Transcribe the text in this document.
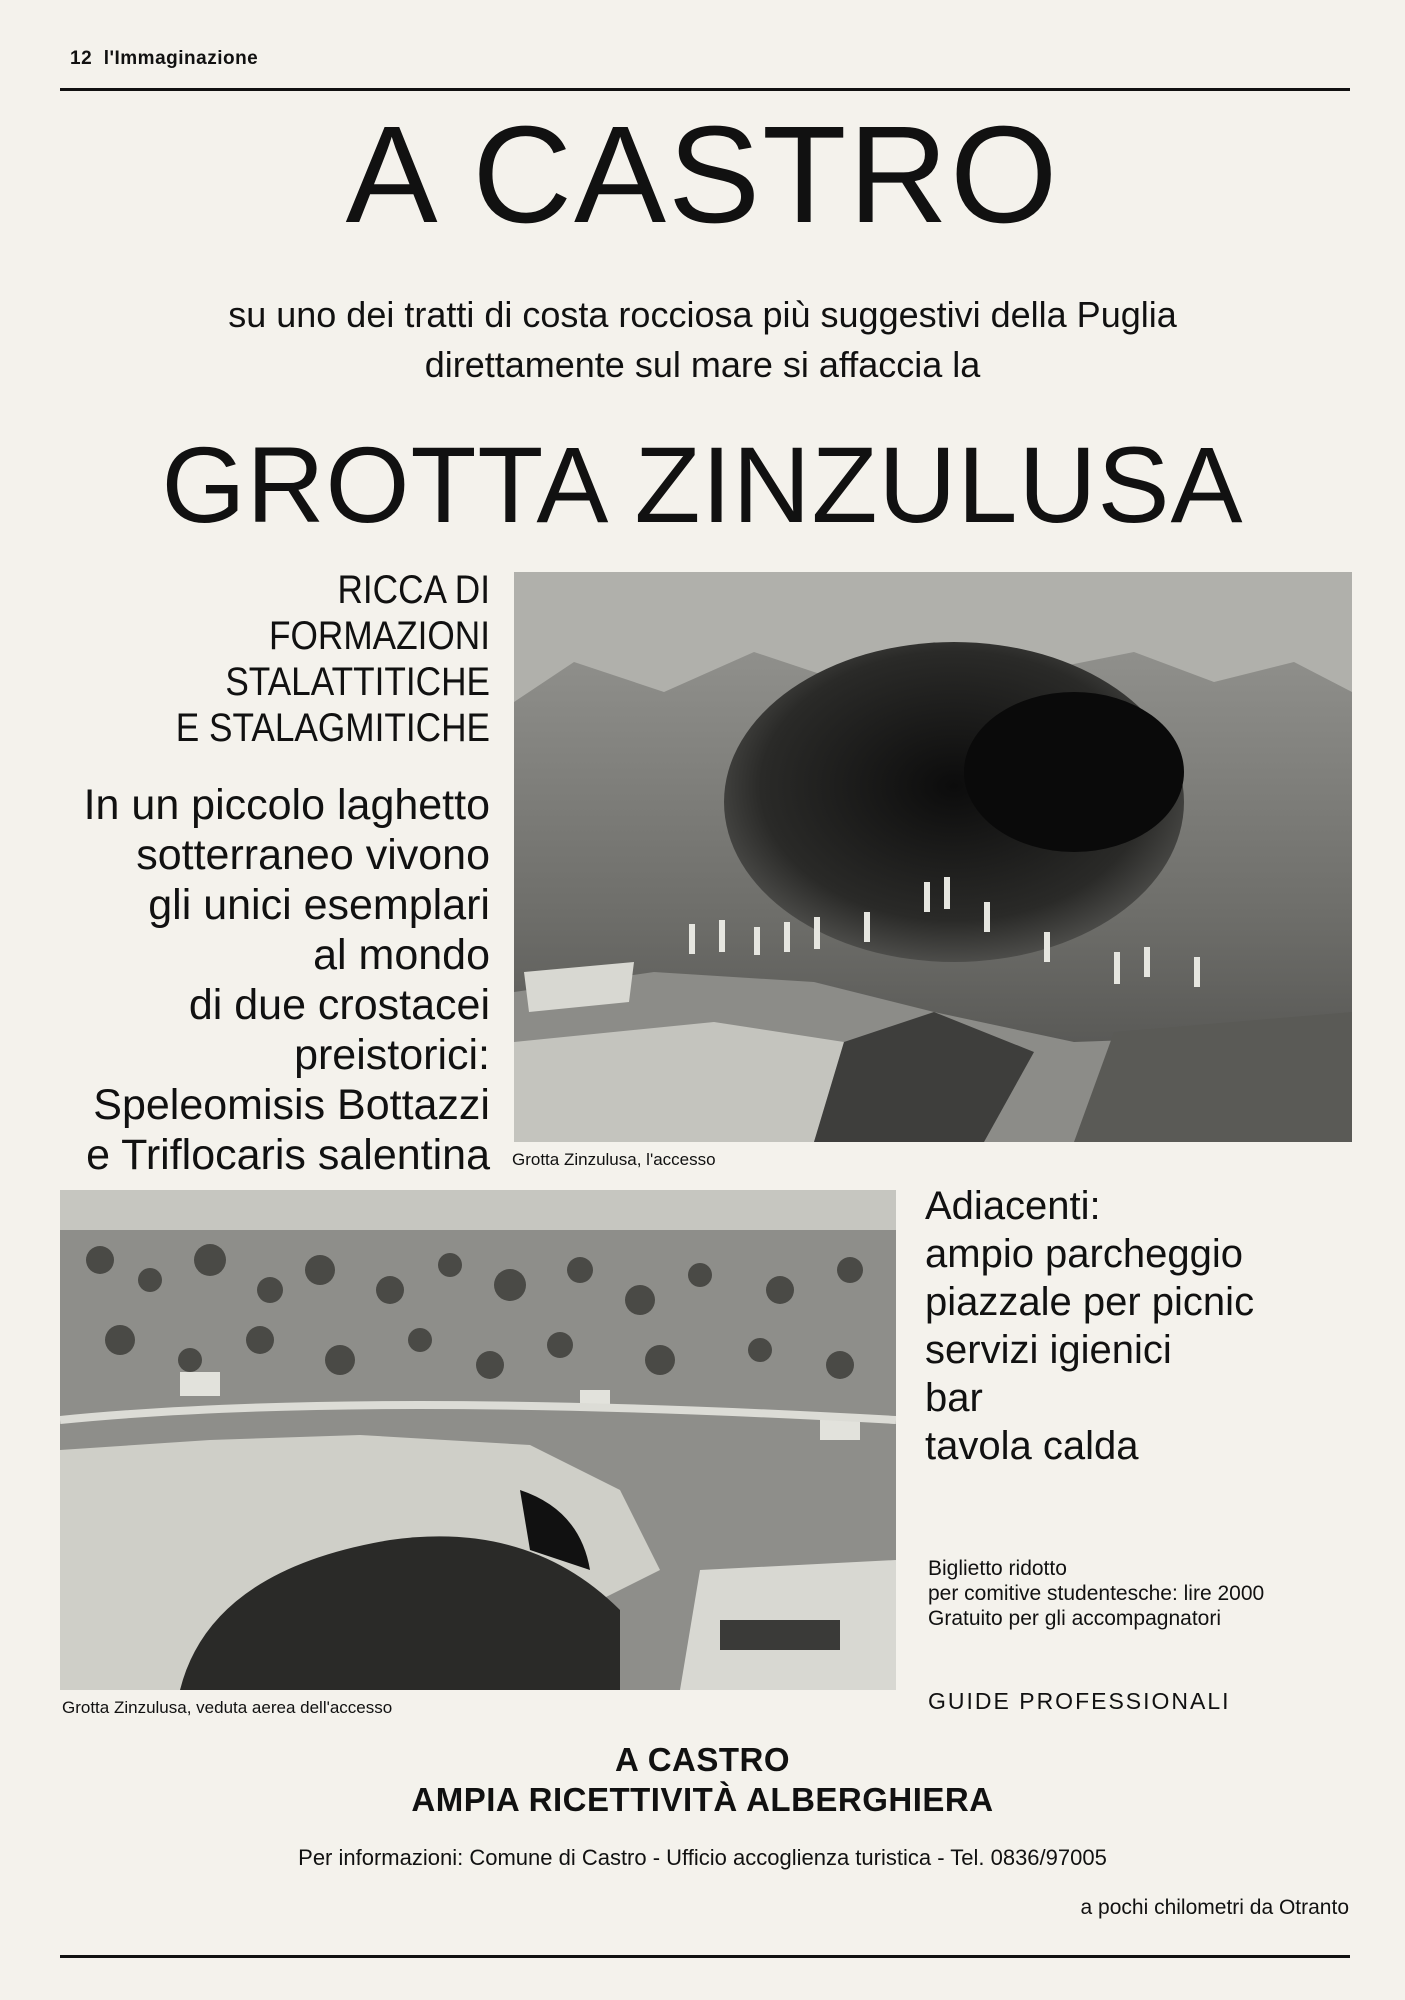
12 l'Immaginazione
A CASTRO
su uno dei tratti di costa rocciosa più suggestivi della Puglia
direttamente sul mare si affaccia la
GROTTA ZINZULUSA
RICCA DI FORMAZIONI
STALATTITICHE
E STALAGMITICHE
In un piccolo laghetto
sotterraneo vivono
gli unici esemplari
al mondo
di due crostacei
preistorici:
Speleomisis Bottazzi
e Triflocaris salentina Grotta Zinzulusa, l'accesso
Grotta Zinzulusa, veduta aerea dell'accesso
Adiacenti:
ampio parcheggio
piazzale per picnic
servizi igienici
bar
tavola calda
Biglietto ridotto
per comitive studentesche: lire 2000
Gratuito per gli accompagnatori
GUIDE PROFESSIONALI
A CASTRO
AMPIA RICETTIVITÀ ALBERGHIERA
Per informazioni: Comune di Castro - Ufficio accoglienza turistica - Tel. 0836/97005
a pochi chilometri da Otranto
